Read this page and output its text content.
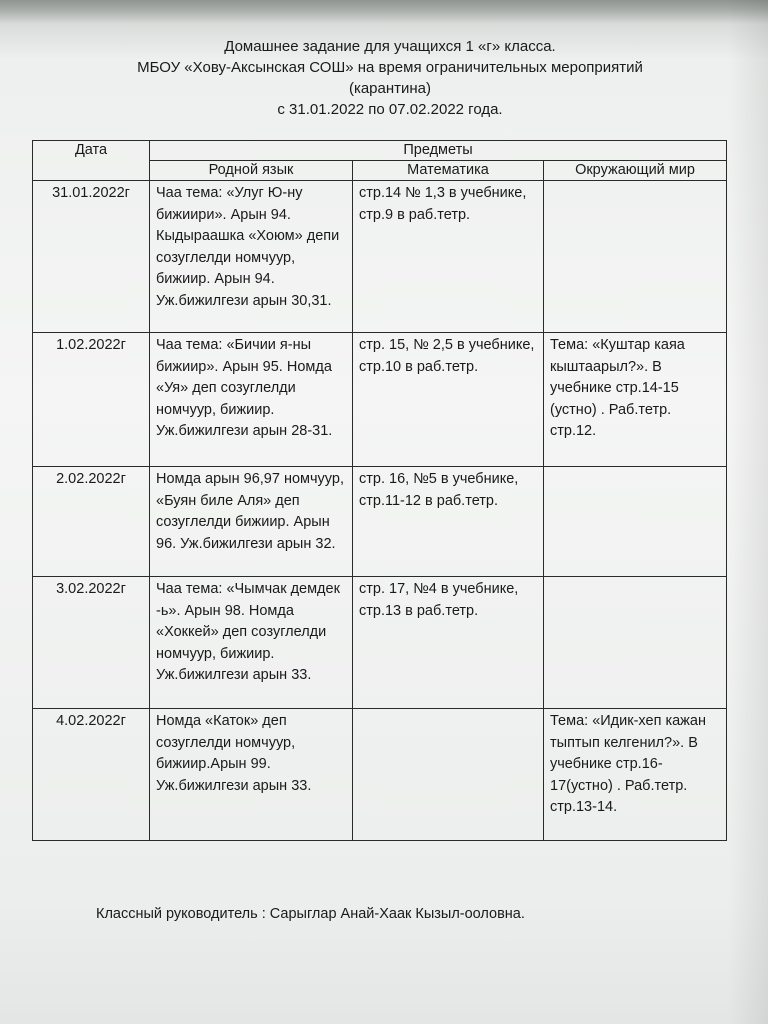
Домашнее задание для учащихся 1 «г» класса.
МБОУ «Хову-Аксынская СОШ» на время ограничительных мероприятий
(карантина)
с 31.01.2022 по 07.02.2022 года.
Дата	Предметы		
	Родной язык	Математика	Окружающий мир
31.01.2022г	Чаа тема: «Улуг Ю-ну бижиири». Арын 94. Кыдыраашка «Хоюм» депи созуглелди номчуур, бижиир. Арын 94. Уж.бижилгези арын 30,31.	стр.14 № 1,3 в учебнике, стр.9 в раб.тетр.	
1.02.2022г	Чаа тема: «Бичии я-ны бижиир». Арын 95. Номда «Уя» деп созуглелди номчуур, бижиир. Уж.бижилгези арын 28-31.	стр. 15, № 2,5 в учебнике, стр.10 в раб.тетр.	Тема: «Куштар каяа кыштаарыл?». В учебнике стр.14-15 (устно) . Раб.тетр. стр.12.
2.02.2022г	Номда арын 96,97 номчуур, «Буян биле Аля» деп созуглелди бижиир. Арын 96. Уж.бижилгези арын 32.	стр. 16, №5 в учебнике, стр.11-12 в раб.тетр.	
3.02.2022г	Чаа тема: «Чымчак демдек -ь». Арын 98. Номда «Хоккей» деп созуглелди номчуур, бижиир. Уж.бижилгези арын 33.	стр. 17, №4 в учебнике, стр.13 в раб.тетр.	
4.02.2022г	Номда «Каток» деп созуглелди номчуур, бижиир.Арын 99. Уж.бижилгези арын 33.		Тема: «Идик-хеп кажан тыптып келгенил?». В учебнике стр.16-17(устно) . Раб.тетр. стр.13-14.
Классный руководитель : Сарыглар Анай-Хаак Кызыл-ооловна.
